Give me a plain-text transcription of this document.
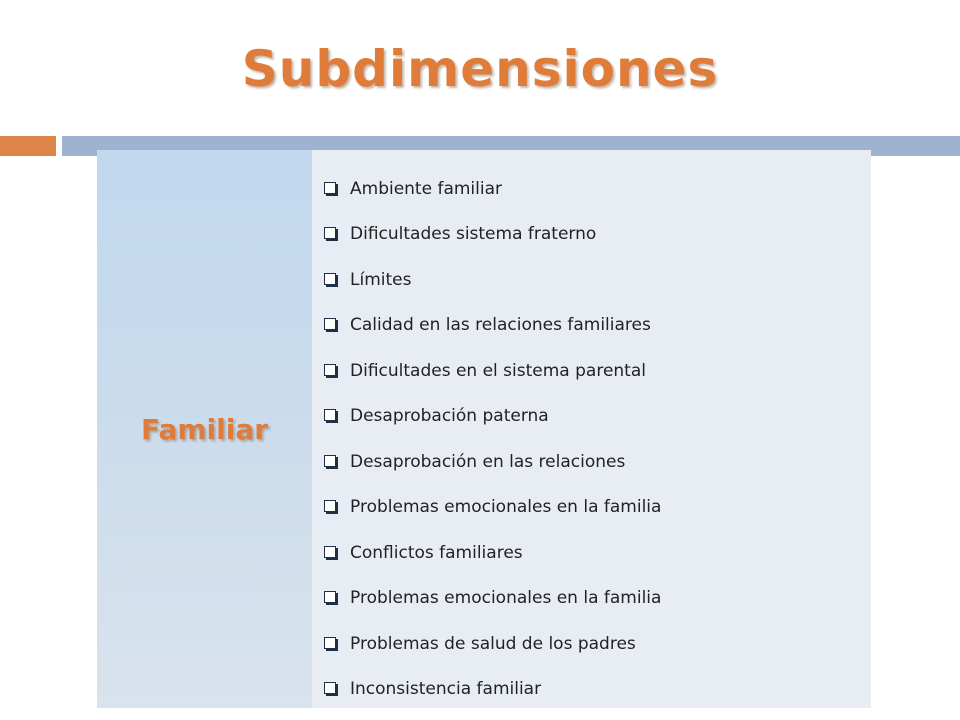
Subdimensiones
Familiar
Ambiente familiar
Dificultades sistema fraterno
Límites
Calidad en las relaciones familiares
Dificultades en el sistema parental
Desaprobación paterna
Desaprobación en las relaciones
Problemas emocionales en la familia
Conflictos familiares
Problemas emocionales en la familia
Problemas de salud de los padres
Inconsistencia familiar
